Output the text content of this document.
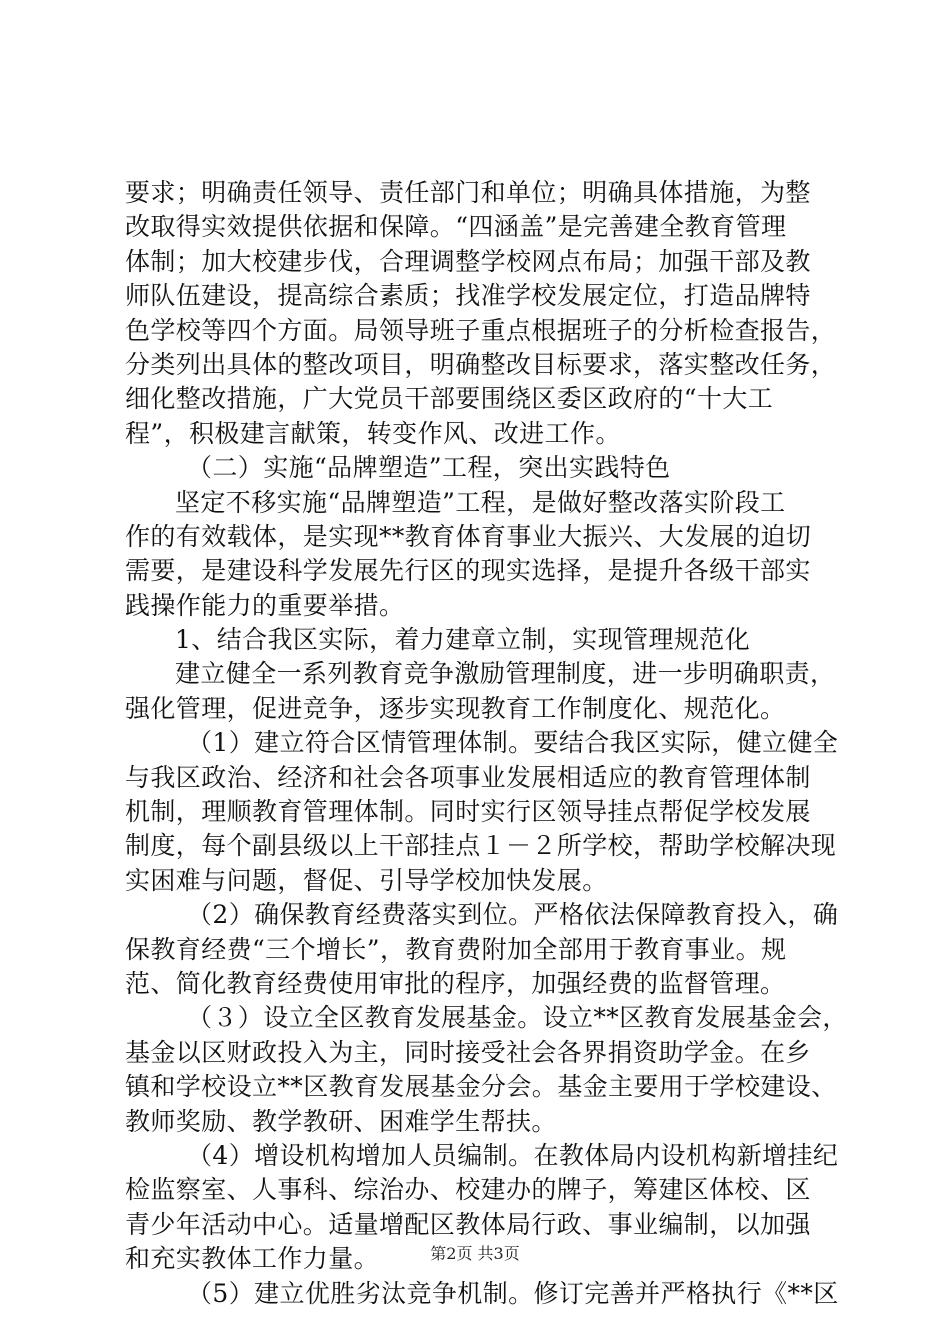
要求；明确责任领导、责任部门和单位；明确具体措施，为整
改取得实效提供依据和保障。“四涵盖”是完善建全教育管理
体制；加大校建步伐，合理调整学校网点布局；加强干部及教
师队伍建设，提高综合素质；找准学校发展定位，打造品牌特
色学校等四个方面。局领导班子重点根据班子的分析检查报告，
分类列出具体的整改项目，明确整改目标要求，落实整改任务，
细化整改措施，广大党员干部要围绕区委区政府的“十大工
程”，积极建言献策，转变作风、改进工作。
（二）实施“品牌塑造”工程，突出实践特色
坚定不移实施“品牌塑造”工程，是做好整改落实阶段工
作的有效载体，是实现**教育体育事业大振兴、大发展的迫切
需要，是建设科学发展先行区的现实选择，是提升各级干部实
践操作能力的重要举措。
1、结合我区实际，着力建章立制，实现管理规范化
建立健全一系列教育竞争激励管理制度，进一步明确职责，
强化管理，促进竞争，逐步实现教育工作制度化、规范化。
（1）建立符合区情管理体制。要结合我区实际，健立健全
与我区政治、经济和社会各项事业发展相适应的教育管理体制
机制，理顺教育管理体制。同时实行区领导挂点帮促学校发展
制度，每个副县级以上干部挂点１－２所学校，帮助学校解决现
实困难与问题，督促、引导学校加快发展。
（2）确保教育经费落实到位。严格依法保障教育投入，确
保教育经费“三个增长”，教育费附加全部用于教育事业。规
范、简化教育经费使用审批的程序，加强经费的监督管理。
（３）设立全区教育发展基金。设立**区教育发展基金会，
基金以区财政投入为主，同时接受社会各界捐资助学金。在乡
镇和学校设立**区教育发展基金分会。基金主要用于学校建设、
教师奖励、教学教研、困难学生帮扶。
（4）增设机构增加人员编制。在教体局内设机构新增挂纪
检监察室、人事科、综治办、校建办的牌子，筹建区体校、区
青少年活动中心。适量增配区教体局行政、事业编制，以加强
和充实教体工作力量。
（5）建立优胜劣汰竞争机制。修订完善并严格执行《**区
第2页 共3页
